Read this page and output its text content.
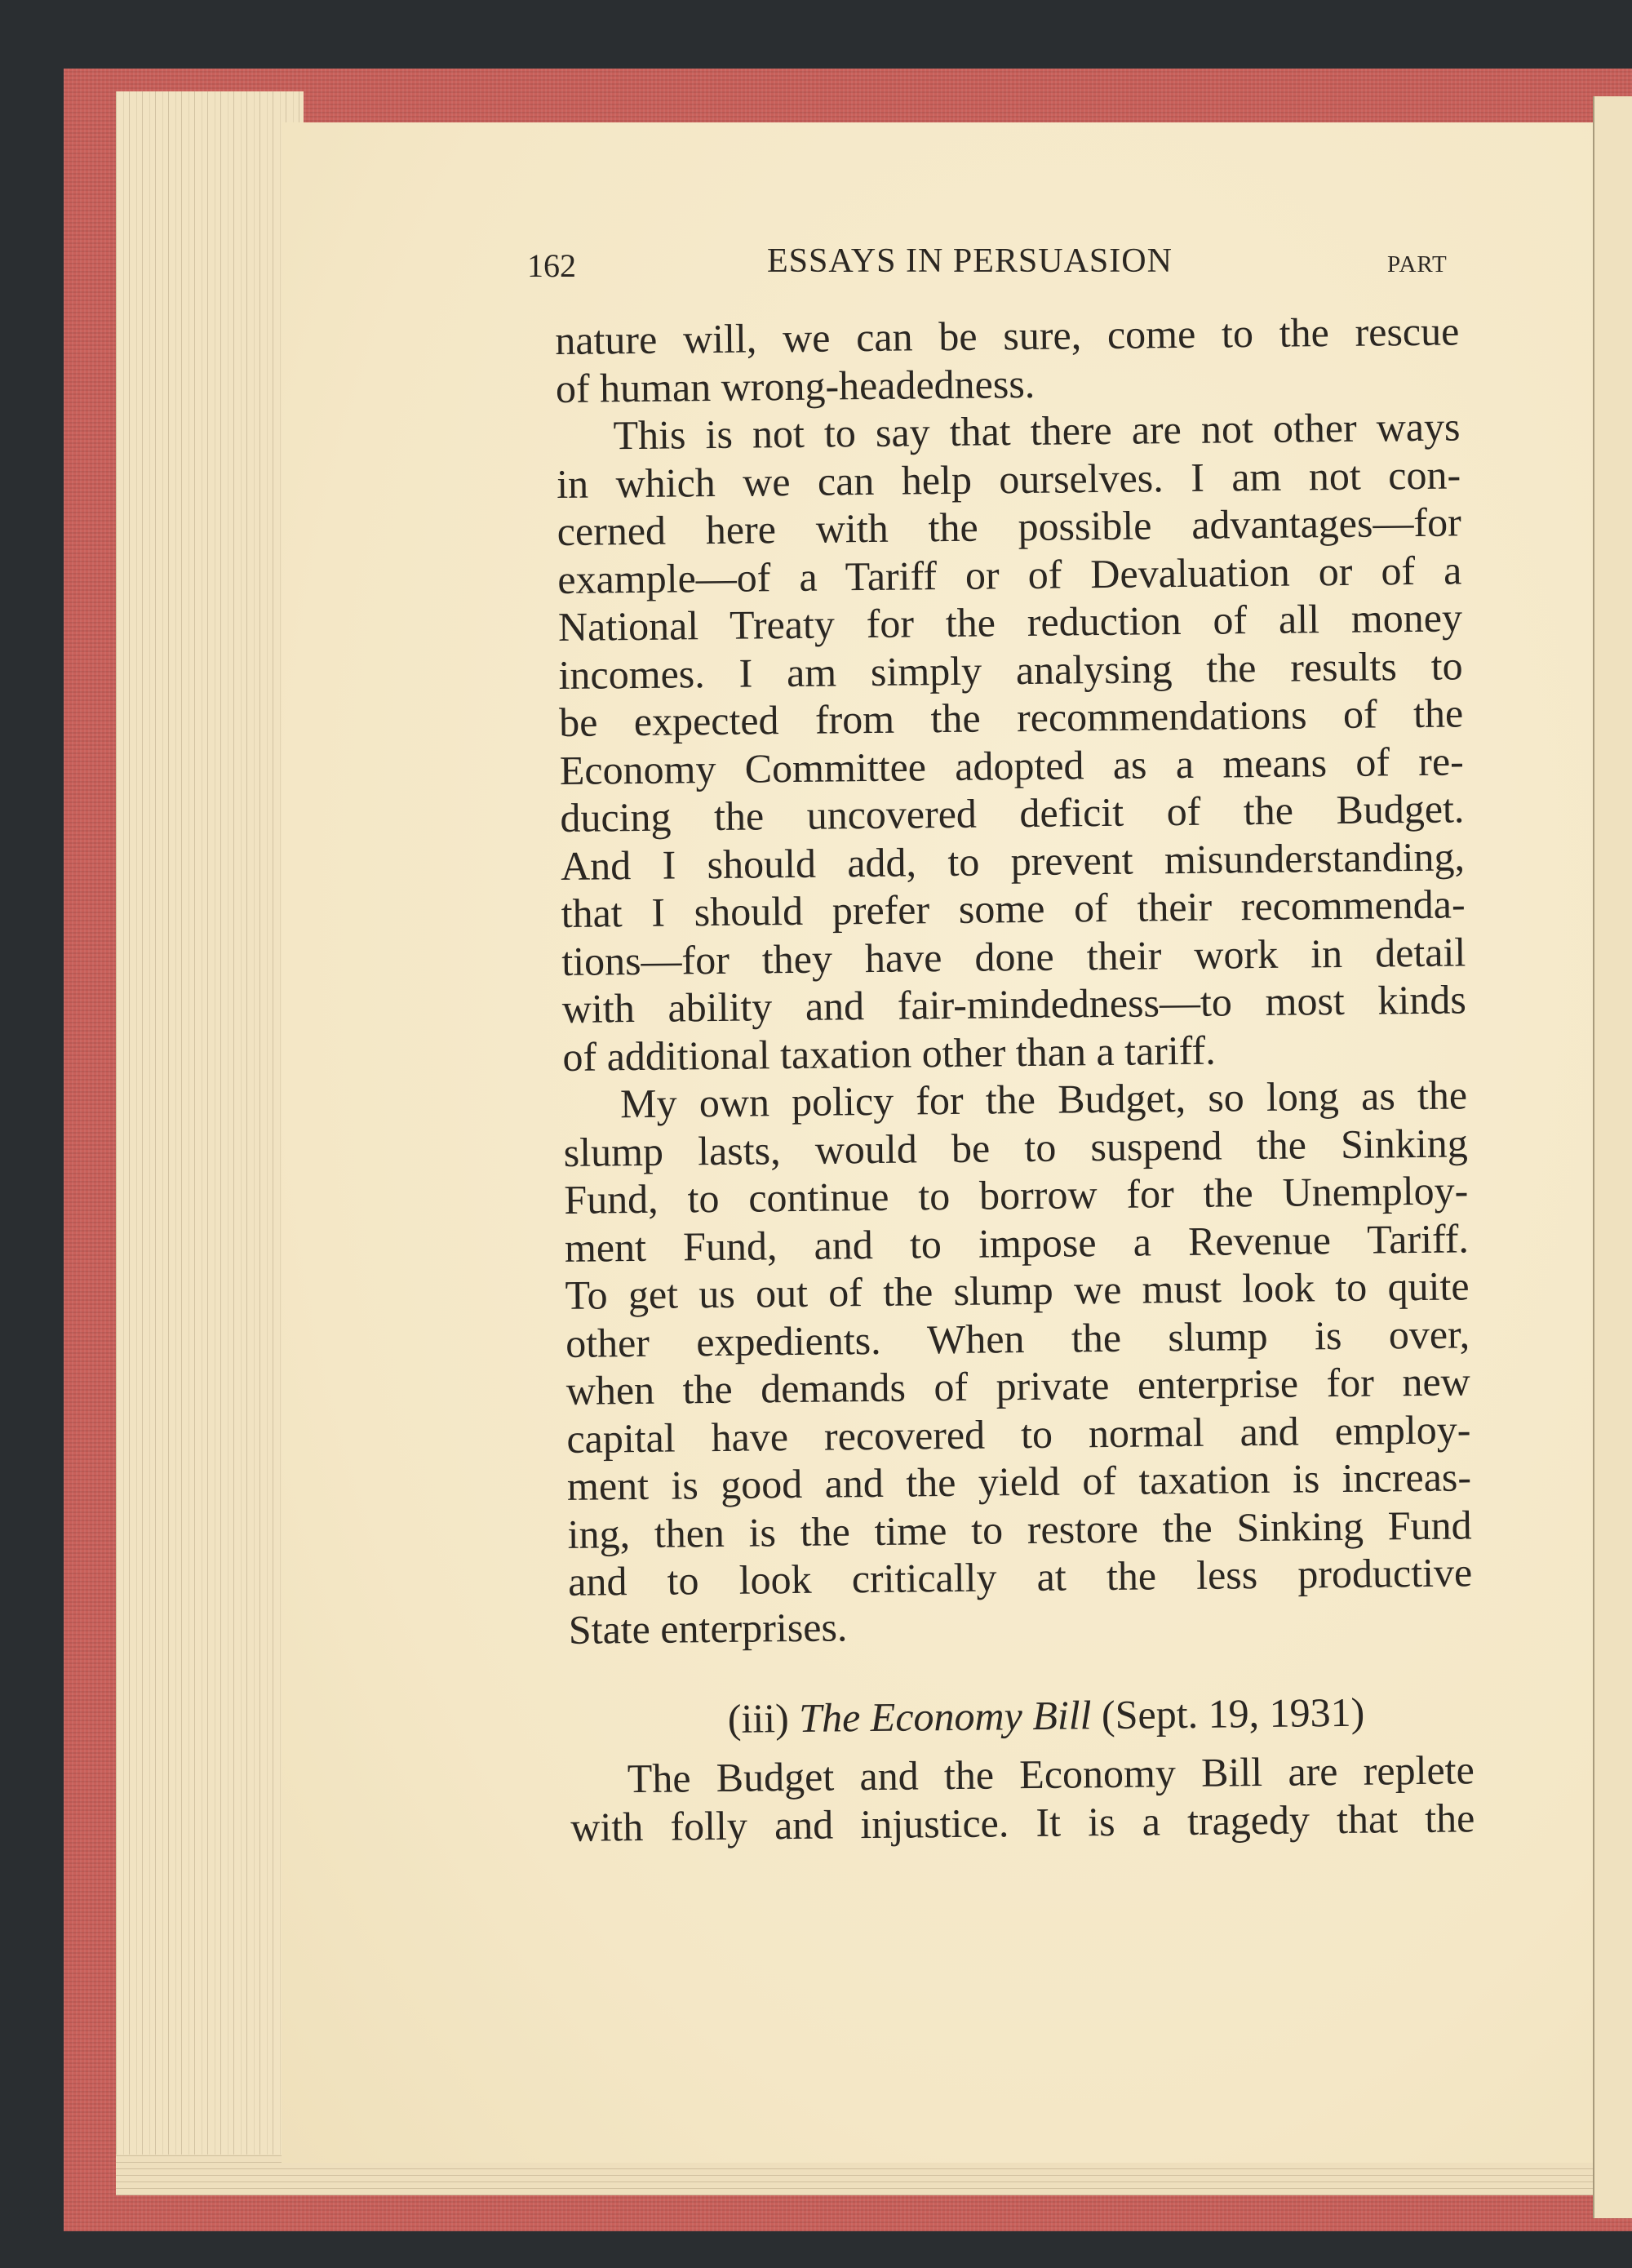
162	ESSAYS IN PERSUASION	PART
nature will, we can be sure, come to the rescue
of human wrong-headedness.
This is not to say that there are not other ways
in which we can help ourselves. I am not con-
cerned here with the possible advantages—for
example—of a Tariff or of Devaluation or of a
National Treaty for the reduction of all money
incomes. I am simply analysing the results to
be expected from the recommendations of the
Economy Committee adopted as a means of re-
ducing the uncovered deficit of the Budget.
And I should add, to prevent misunderstanding,
that I should prefer some of their recommenda-
tions—for they have done their work in detail
with ability and fair-mindedness—to most kinds
of additional taxation other than a tariff.
My own policy for the Budget, so long as the
slump lasts, would be to suspend the Sinking
Fund, to continue to borrow for the Unemploy-
ment Fund, and to impose a Revenue Tariff.
To get us out of the slump we must look to quite
other expedients. When the slump is over,
when the demands of private enterprise for new
capital have recovered to normal and employ-
ment is good and the yield of taxation is increas-
ing, then is the time to restore the Sinking Fund
and to look critically at the less productive
State enterprises.
(iii) The Economy Bill (Sept. 19, 1931)
The Budget and the Economy Bill are replete
with folly and injustice. It is a tragedy that the
